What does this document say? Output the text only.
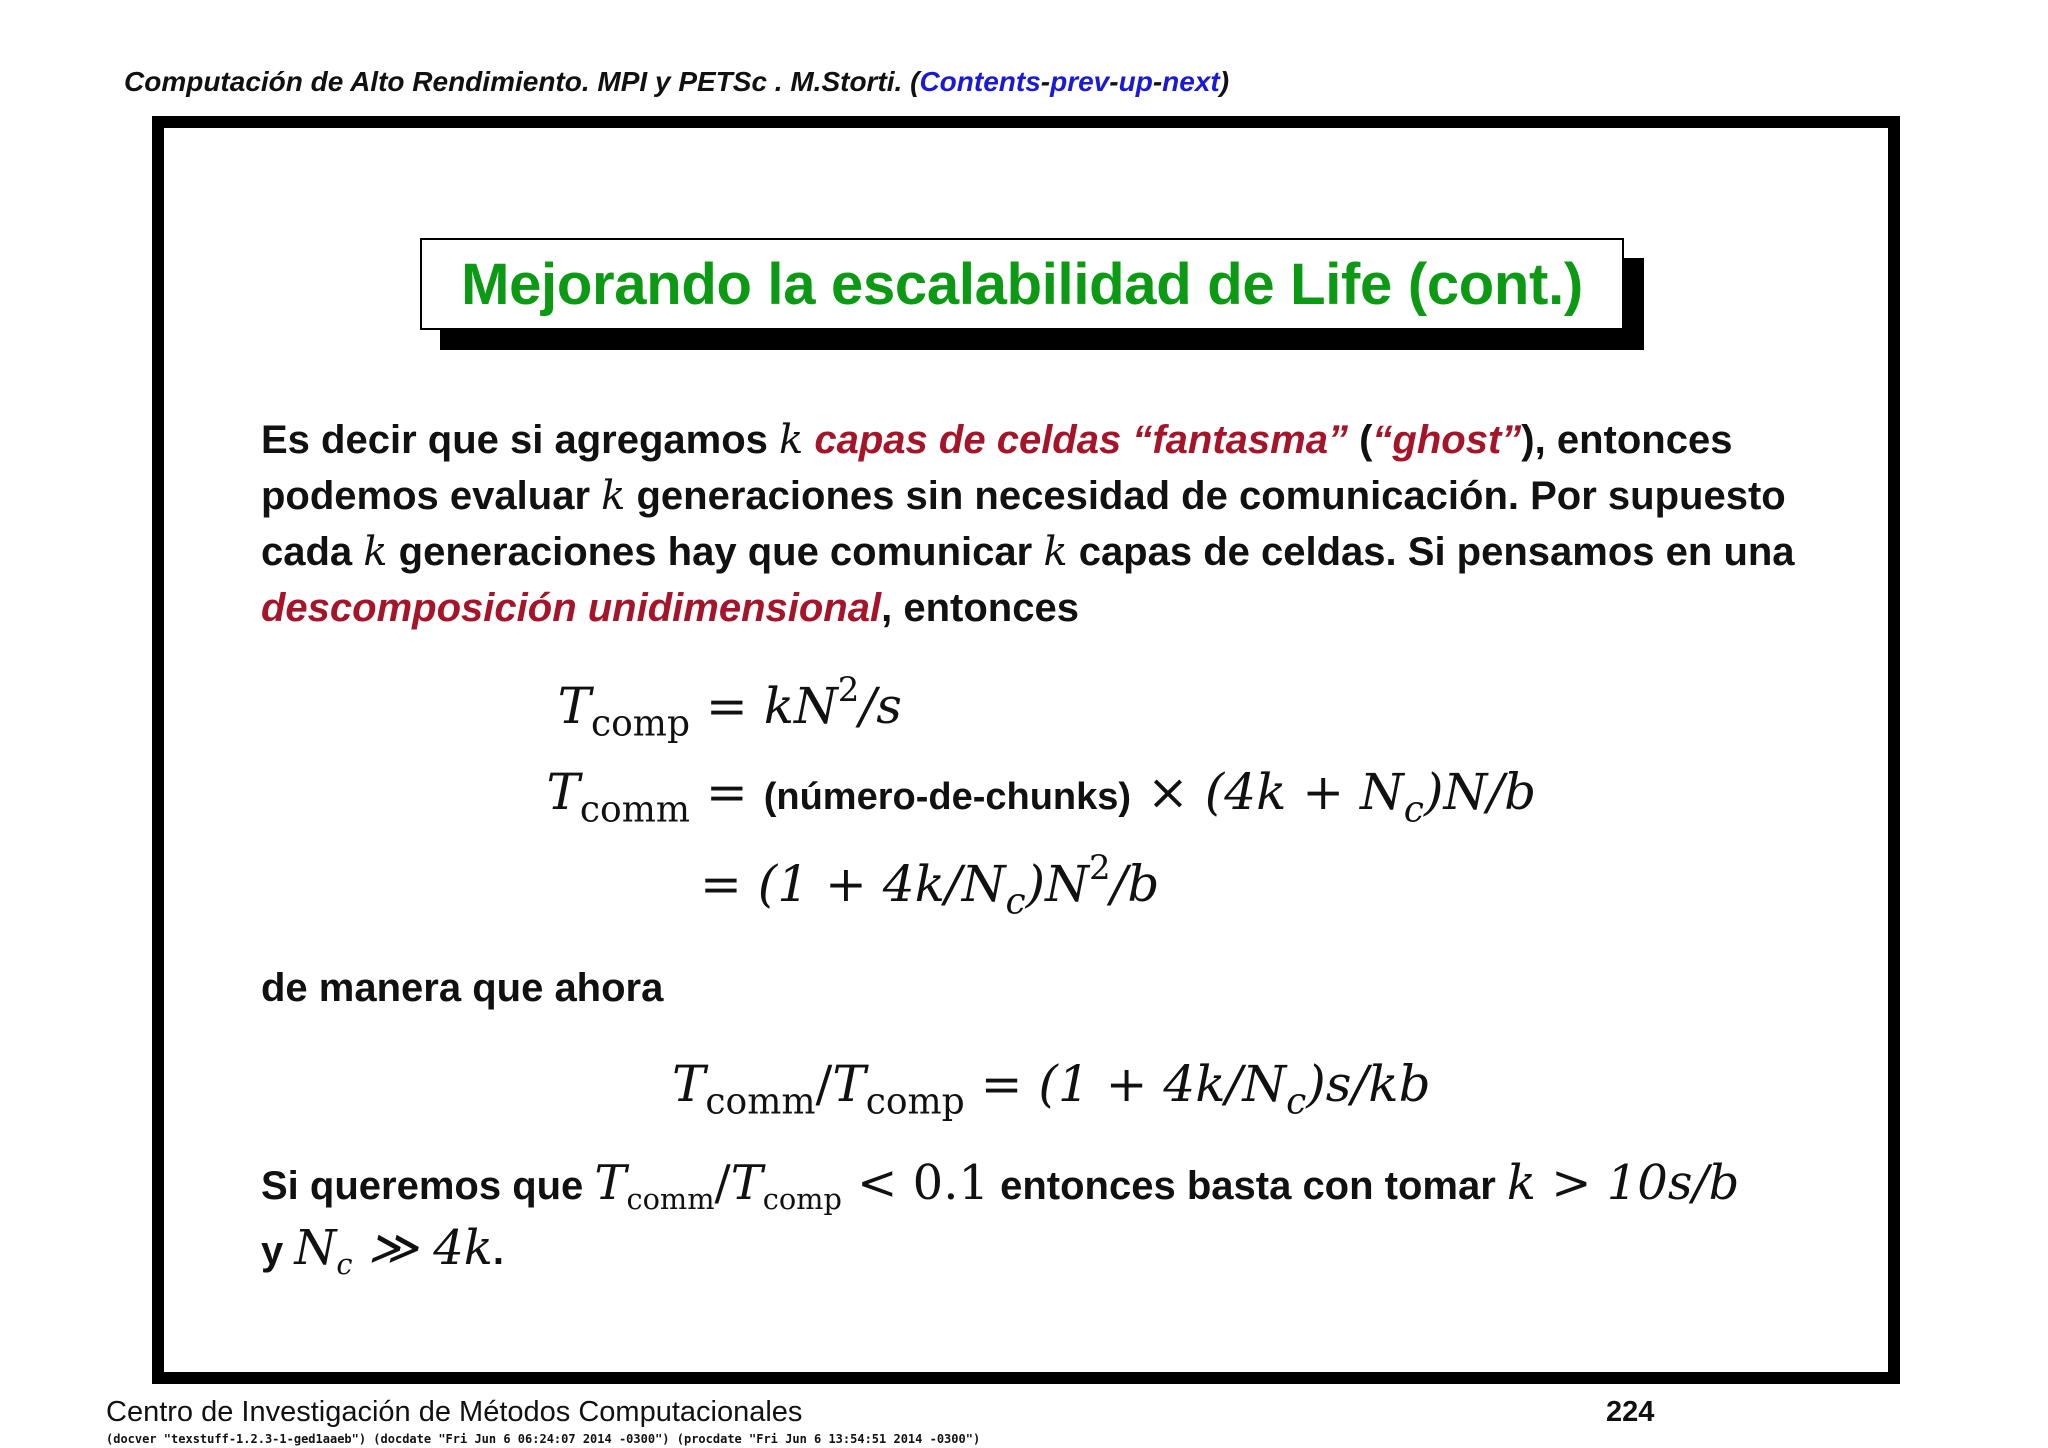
Computación de Alto Rendimiento. MPI y PETSc . M.Storti. (Contents-prev-up-next)
Mejorando la escalabilidad de Life (cont.)
Es decir que si agregamos k capas de celdas “fantasma” (“ghost”), entonces podemos evaluar k generaciones sin necesidad de comunicación. Por supuesto cada k generaciones hay que comunicar k capas de celdas. Si pensamos en una descomposición unidimensional, entonces
$T_{comp} = kN^2/s$
$T_{comm}$ = (número-de-chunks) × $(4k + N_c)N/b$
= $(1 + 4k/N_c)N^2/b$
de manera que ahora
$T_{comm}/T_{comp} = (1 + 4k/N_c)s/kb$
Si queremos que $T_{comm}/T_{comp} < 0.1$ entonces basta con tomar k > 10s/b
y $N_c$ ≫ 4k.
Centro de Investigación de Métodos Computacionales	224
(docver "texstuff-1.2.3-1-ged1aaeb") (docdate "Fri Jun 6 06:24:07 2014 -0300") (procdate "Fri Jun 6 13:54:51 2014 -0300")
